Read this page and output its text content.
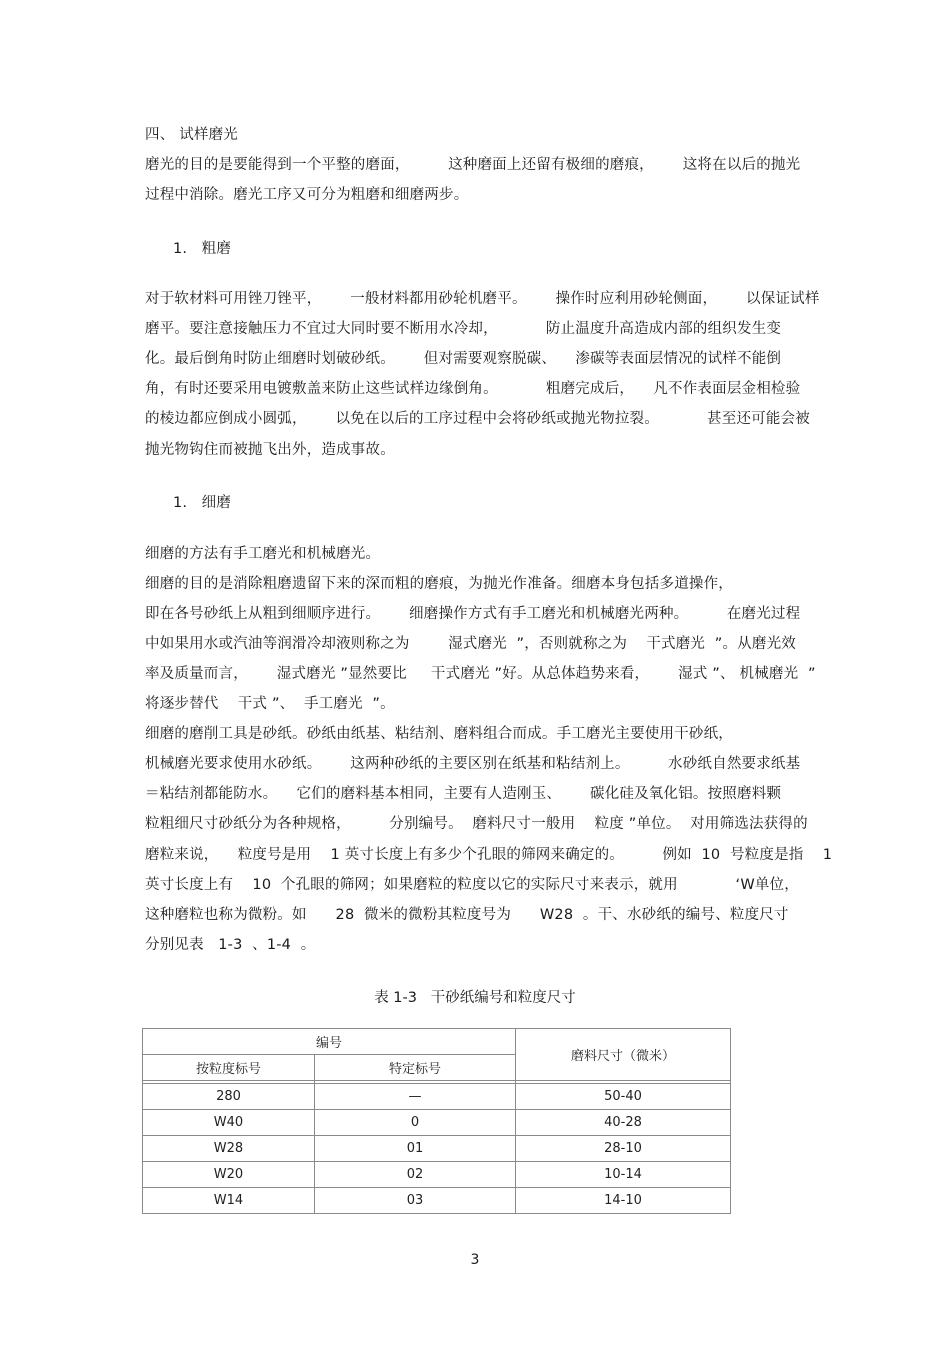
四、 试样磨光
磨光的目的是要能得到一个平整的磨面，        这种磨面上还留有极细的磨痕，      这将在以后的抛光
过程中消除。磨光工序又可分为粗磨和细磨两步。
1.   粗磨
对于软材料可用锉刀锉平，      一般材料都用砂轮机磨平。      操作时应利用砂轮侧面，      以保证试样
磨平。要注意接触压力不宜过大同时要不断用水冷却，          防止温度升高造成内部的组织发生变
化。最后倒角时防止细磨时划破砂纸。      但对需要观察脱碳、    渗碳等表面层情况的试样不能倒
角，有时还要采用电镀敷盖来防止这些试样边缘倒角。          粗磨完成后，    凡不作表面层金相检验
的棱边都应倒成小圆弧，      以免在以后的工序过程中会将砂纸或抛光物拉裂。          甚至还可能会被
抛光物钩住而被抛飞出外，造成事故。
1.   细磨
细磨的方法有手工磨光和机械磨光。
细磨的目的是消除粗磨遗留下来的深而粗的磨痕，为抛光作准备。细磨本身包括多道操作，
即在各号砂纸上从粗到细顺序进行。      细磨操作方式有手工磨光和机械磨光两种。        在磨光过程
中如果用水或汽油等润滑冷却液则称之为        湿式磨光  ”，否则就称之为    干式磨光  ”。从磨光效
率及质量而言，      湿式磨光 ”显然要比     干式磨光 ”好。从总体趋势来看，      湿式 ”、 机械磨光  ”
将逐步替代    干式 ”、  手工磨光  ”。
细磨的磨削工具是砂纸。砂纸由纸基、粘结剂、磨料组合而成。手工磨光主要使用干砂纸，
机械磨光要求使用水砂纸。      这两种砂纸的主要区别在纸基和粘结剂上。        水砂纸自然要求纸基
＝粘结剂都能防水。    它们的磨料基本相同，主要有人造刚玉、      碳化硅及氧化铝。按照磨料颗
粒粗细尺寸砂纸分为各种规格，        分别编号。  磨料尺寸一般用    粒度 ”单位。  对用筛选法获得的
磨粒来说，    粒度号是用    1 英寸长度上有多少个孔眼的筛网来确定的。        例如  10  号粒度是指    1
英寸长度上有    10  个孔眼的筛网；如果磨粒的粒度以它的实际尺寸来表示，就用            ‘W单位，
这种磨粒也称为微粉。如      28  微米的微粉其粒度号为      W28  。干、水砂纸的编号、粒度尺寸
分别见表   1-3  、1-4  。
表 1-3   干砂纸编号和粒度尺寸
编号		磨料尺寸（微米）
按粒度标号	特定标号	

280	—	50-40
W40	0	40-28
W28	01	28-10
W20	02	10-14
W14	03	14-10
3
